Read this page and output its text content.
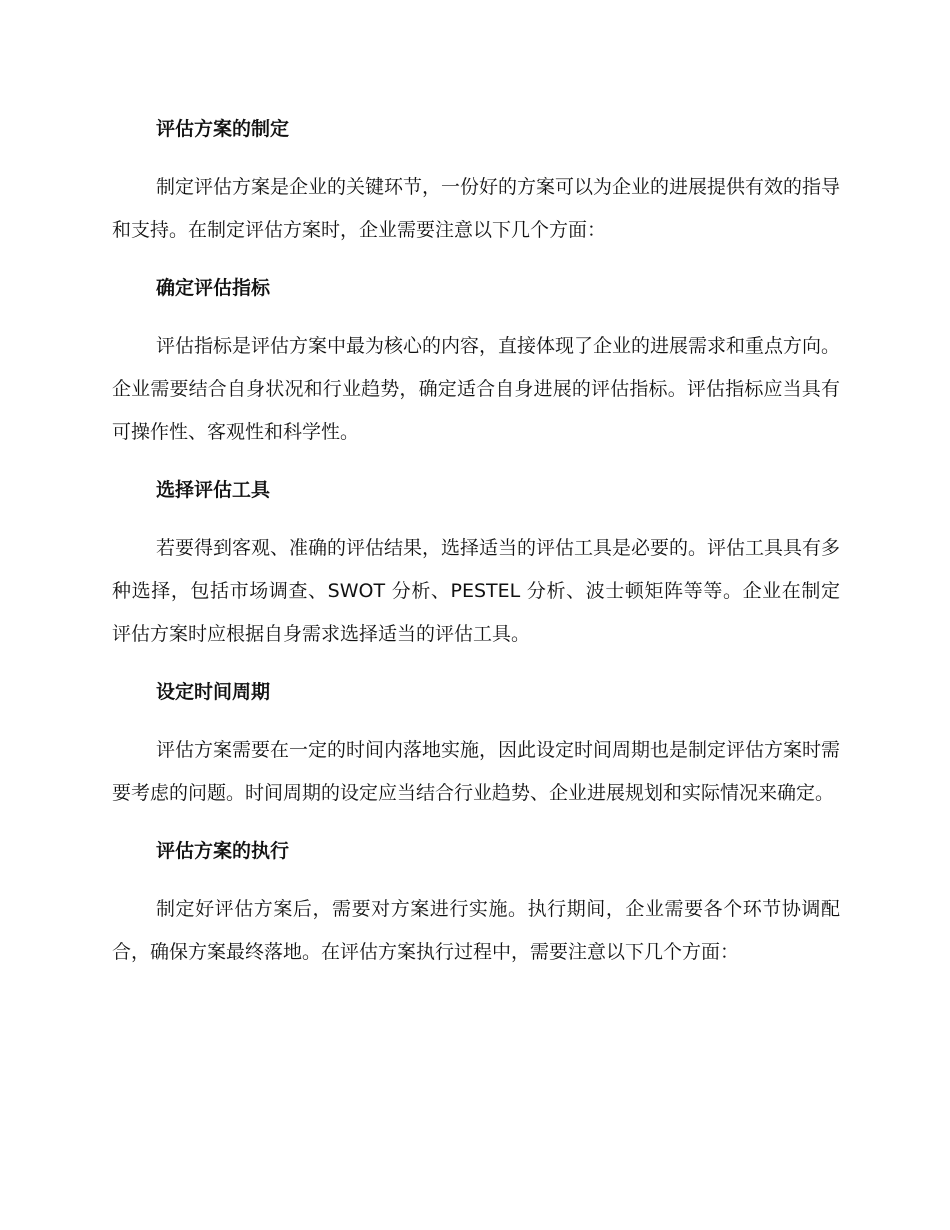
评估方案的制定

制定评估方案是企业的关键环节，一份好的方案可以为企业的进展提供有效的指导和支持。在制定评估方案时，企业需要注意以下几个方面：

确定评估指标

评估指标是评估方案中最为核心的内容，直接体现了企业的进展需求和重点方向。企业需要结合自身状况和行业趋势，确定适合自身进展的评估指标。评估指标应当具有可操作性、客观性和科学性。

选择评估工具

若要得到客观、准确的评估结果，选择适当的评估工具是必要的。评估工具具有多种选择，包括市场调查、SWOT 分析、PESTEL 分析、波士顿矩阵等等。企业在制定评估方案时应根据自身需求选择适当的评估工具。

设定时间周期

评估方案需要在一定的时间内落地实施，因此设定时间周期也是制定评估方案时需要考虑的问题。时间周期的设定应当结合行业趋势、企业进展规划和实际情况来确定。

评估方案的执行

制定好评估方案后，需要对方案进行实施。执行期间，企业需要各个环节协调配合，确保方案最终落地。在评估方案执行过程中，需要注意以下几个方面：
